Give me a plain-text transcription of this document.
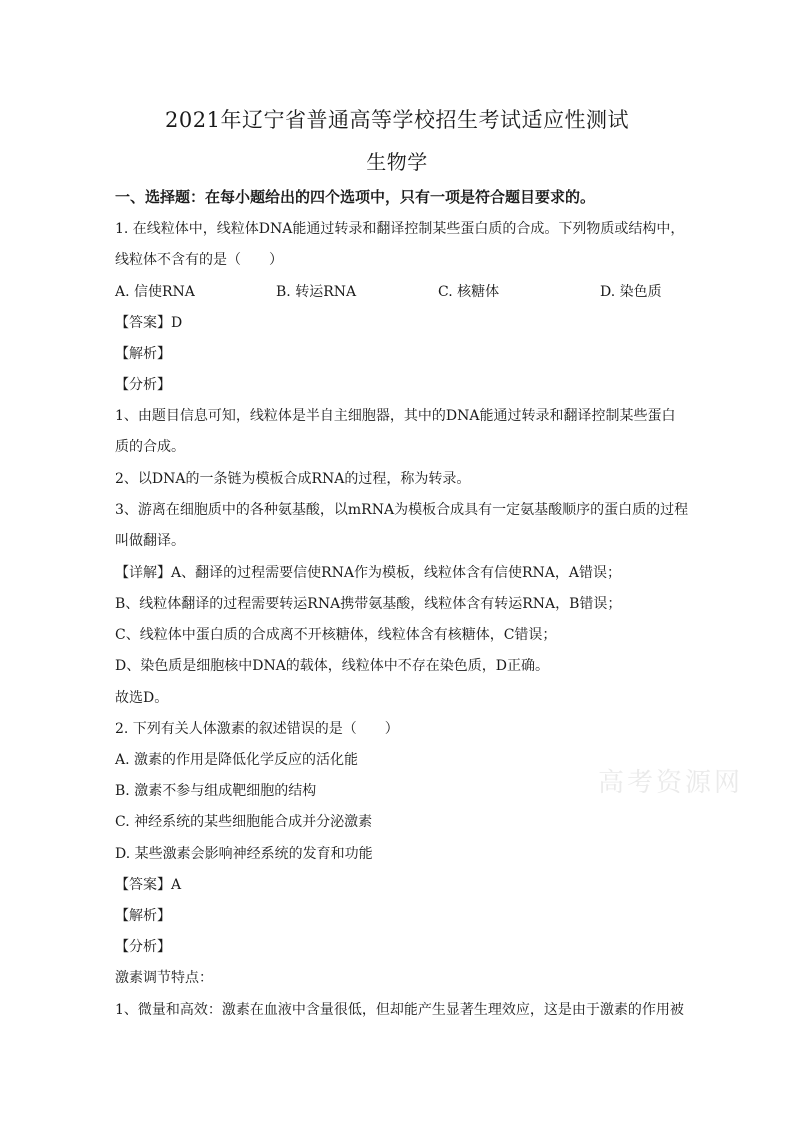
2021年辽宁省普通高等学校招生考试适应性测试
生物学
一、选择题：在每小题给出的四个选项中，只有一项是符合题目要求的。
1. 在线粒体中，线粒体DNA能通过转录和翻译控制某些蛋白质的合成。下列物质或结构中，
线粒体不含有的是（　　）
A. 信使RNA	B. 转运RNA	C. 核糖体	D. 染色质
【答案】D
【解析】
【分析】
1、由题目信息可知，线粒体是半自主细胞器，其中的DNA能通过转录和翻译控制某些蛋白
质的合成。
2、以DNA的一条链为模板合成RNA的过程，称为转录。
3、游离在细胞质中的各种氨基酸，以mRNA为模板合成具有一定氨基酸顺序的蛋白质的过程
叫做翻译。
【详解】A、翻译的过程需要信使RNA作为模板，线粒体含有信使RNA，A错误；
B、线粒体翻译的过程需要转运RNA携带氨基酸，线粒体含有转运RNA，B错误；
C、线粒体中蛋白质的合成离不开核糖体，线粒体含有核糖体，C错误；
D、染色质是细胞核中DNA的载体，线粒体中不存在染色质，D正确。
故选D。
2. 下列有关人体激素的叙述错误的是（　　）
A. 激素的作用是降低化学反应的活化能
B. 激素不参与组成靶细胞的结构
C. 神经系统的某些细胞能合成并分泌激素
D. 某些激素会影响神经系统的发育和功能
【答案】A
【解析】
【分析】
激素调节特点：
1、微量和高效：激素在血液中含量很低，但却能产生显著生理效应，这是由于激素的作用被
高考资源网
